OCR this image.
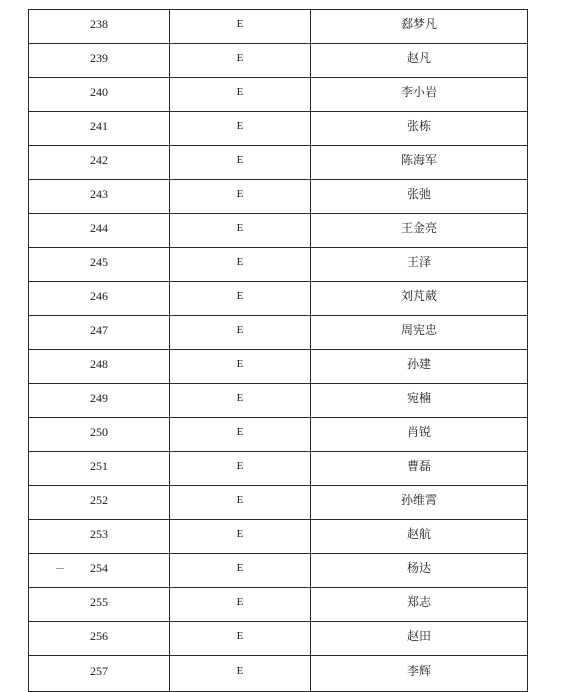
238	E	郄梦凡
239	E	赵凡
240	E	李小岩
241	E	张栋
242	E	陈海军
243	E	张弛
244	E	王金亮
245	E	王泽
246	E	刘芃葳
247	E	周宪忠
248	E	孙建
249	E	宛楠
250	E	肖锐
251	E	曹磊
252	E	孙维霄
253	E	赵航
254	E	杨达
255	E	郑志
256	E	赵田
257	E	李辉
